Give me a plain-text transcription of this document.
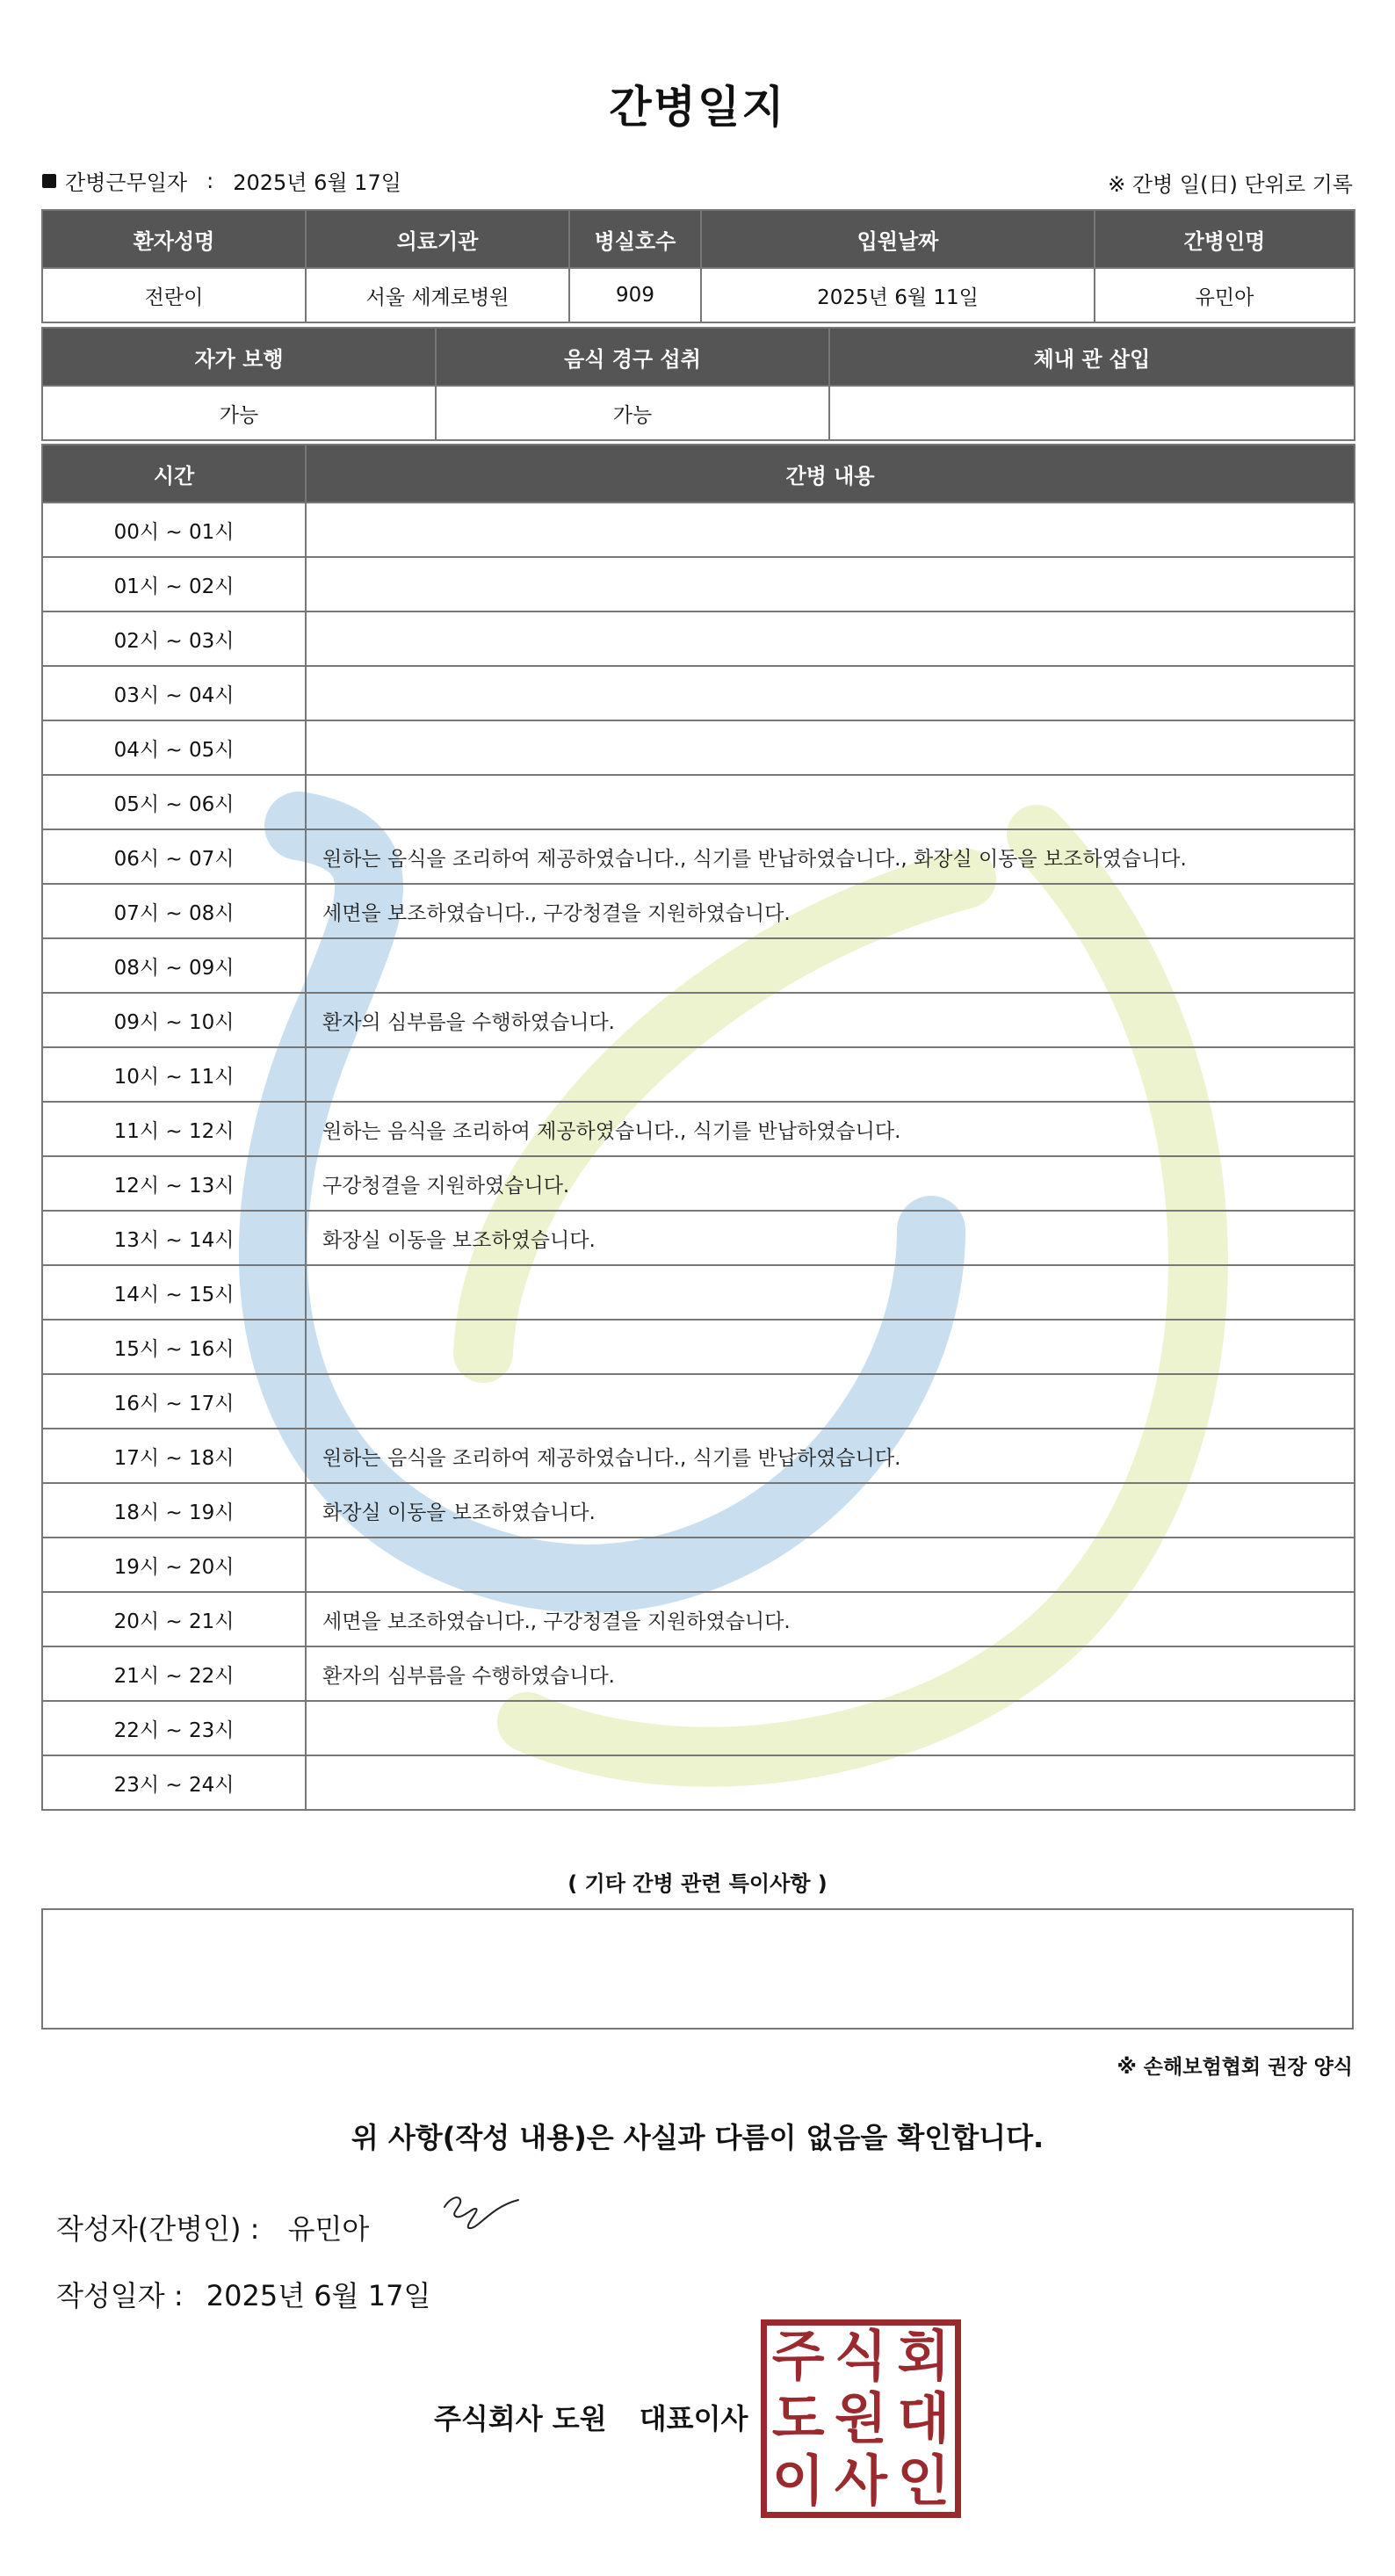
간병일지
간병근무일자 : 2025년 6월 17일	※ 간병 일(日) 단위로 기록
환자성명	의료기관	병실호수	입원날짜	간병인명
전란이	서울 세계로병원	909	2025년 6월 11일	유민아
자가 보행	음식 경구 섭취	체내 관 삽입
가능	가능	
시간	간병 내용
00시 ~ 01시	
01시 ~ 02시	
02시 ~ 03시	
03시 ~ 04시	
04시 ~ 05시	
05시 ~ 06시	
06시 ~ 07시	원하는 음식을 조리하여 제공하였습니다., 식기를 반납하였습니다., 화장실 이동을 보조하였습니다.
07시 ~ 08시	세면을 보조하였습니다., 구강청결을 지원하였습니다.
08시 ~ 09시	
09시 ~ 10시	환자의 심부름을 수행하였습니다.
10시 ~ 11시	
11시 ~ 12시	원하는 음식을 조리하여 제공하였습니다., 식기를 반납하였습니다.
12시 ~ 13시	구강청결을 지원하였습니다.
13시 ~ 14시	화장실 이동을 보조하였습니다.
14시 ~ 15시	
15시 ~ 16시	
16시 ~ 17시	
17시 ~ 18시	원하는 음식을 조리하여 제공하였습니다., 식기를 반납하였습니다.
18시 ~ 19시	화장실 이동을 보조하였습니다.
19시 ~ 20시	
20시 ~ 21시	세면을 보조하였습니다., 구강청결을 지원하였습니다.
21시 ~ 22시	환자의 심부름을 수행하였습니다.
22시 ~ 23시	
23시 ~ 24시	
( 기타 간병 관련 특이사항 )
※ 손해보험협회 권장 양식
위 사항(작성 내용)은 사실과 다름이 없음을 확인합니다.
작성자(간병인) : 유민아
작성일자 : 2025년 6월 17일
주식회사 도원 대표이사
주 식 회
도 원 대
이 사 인
